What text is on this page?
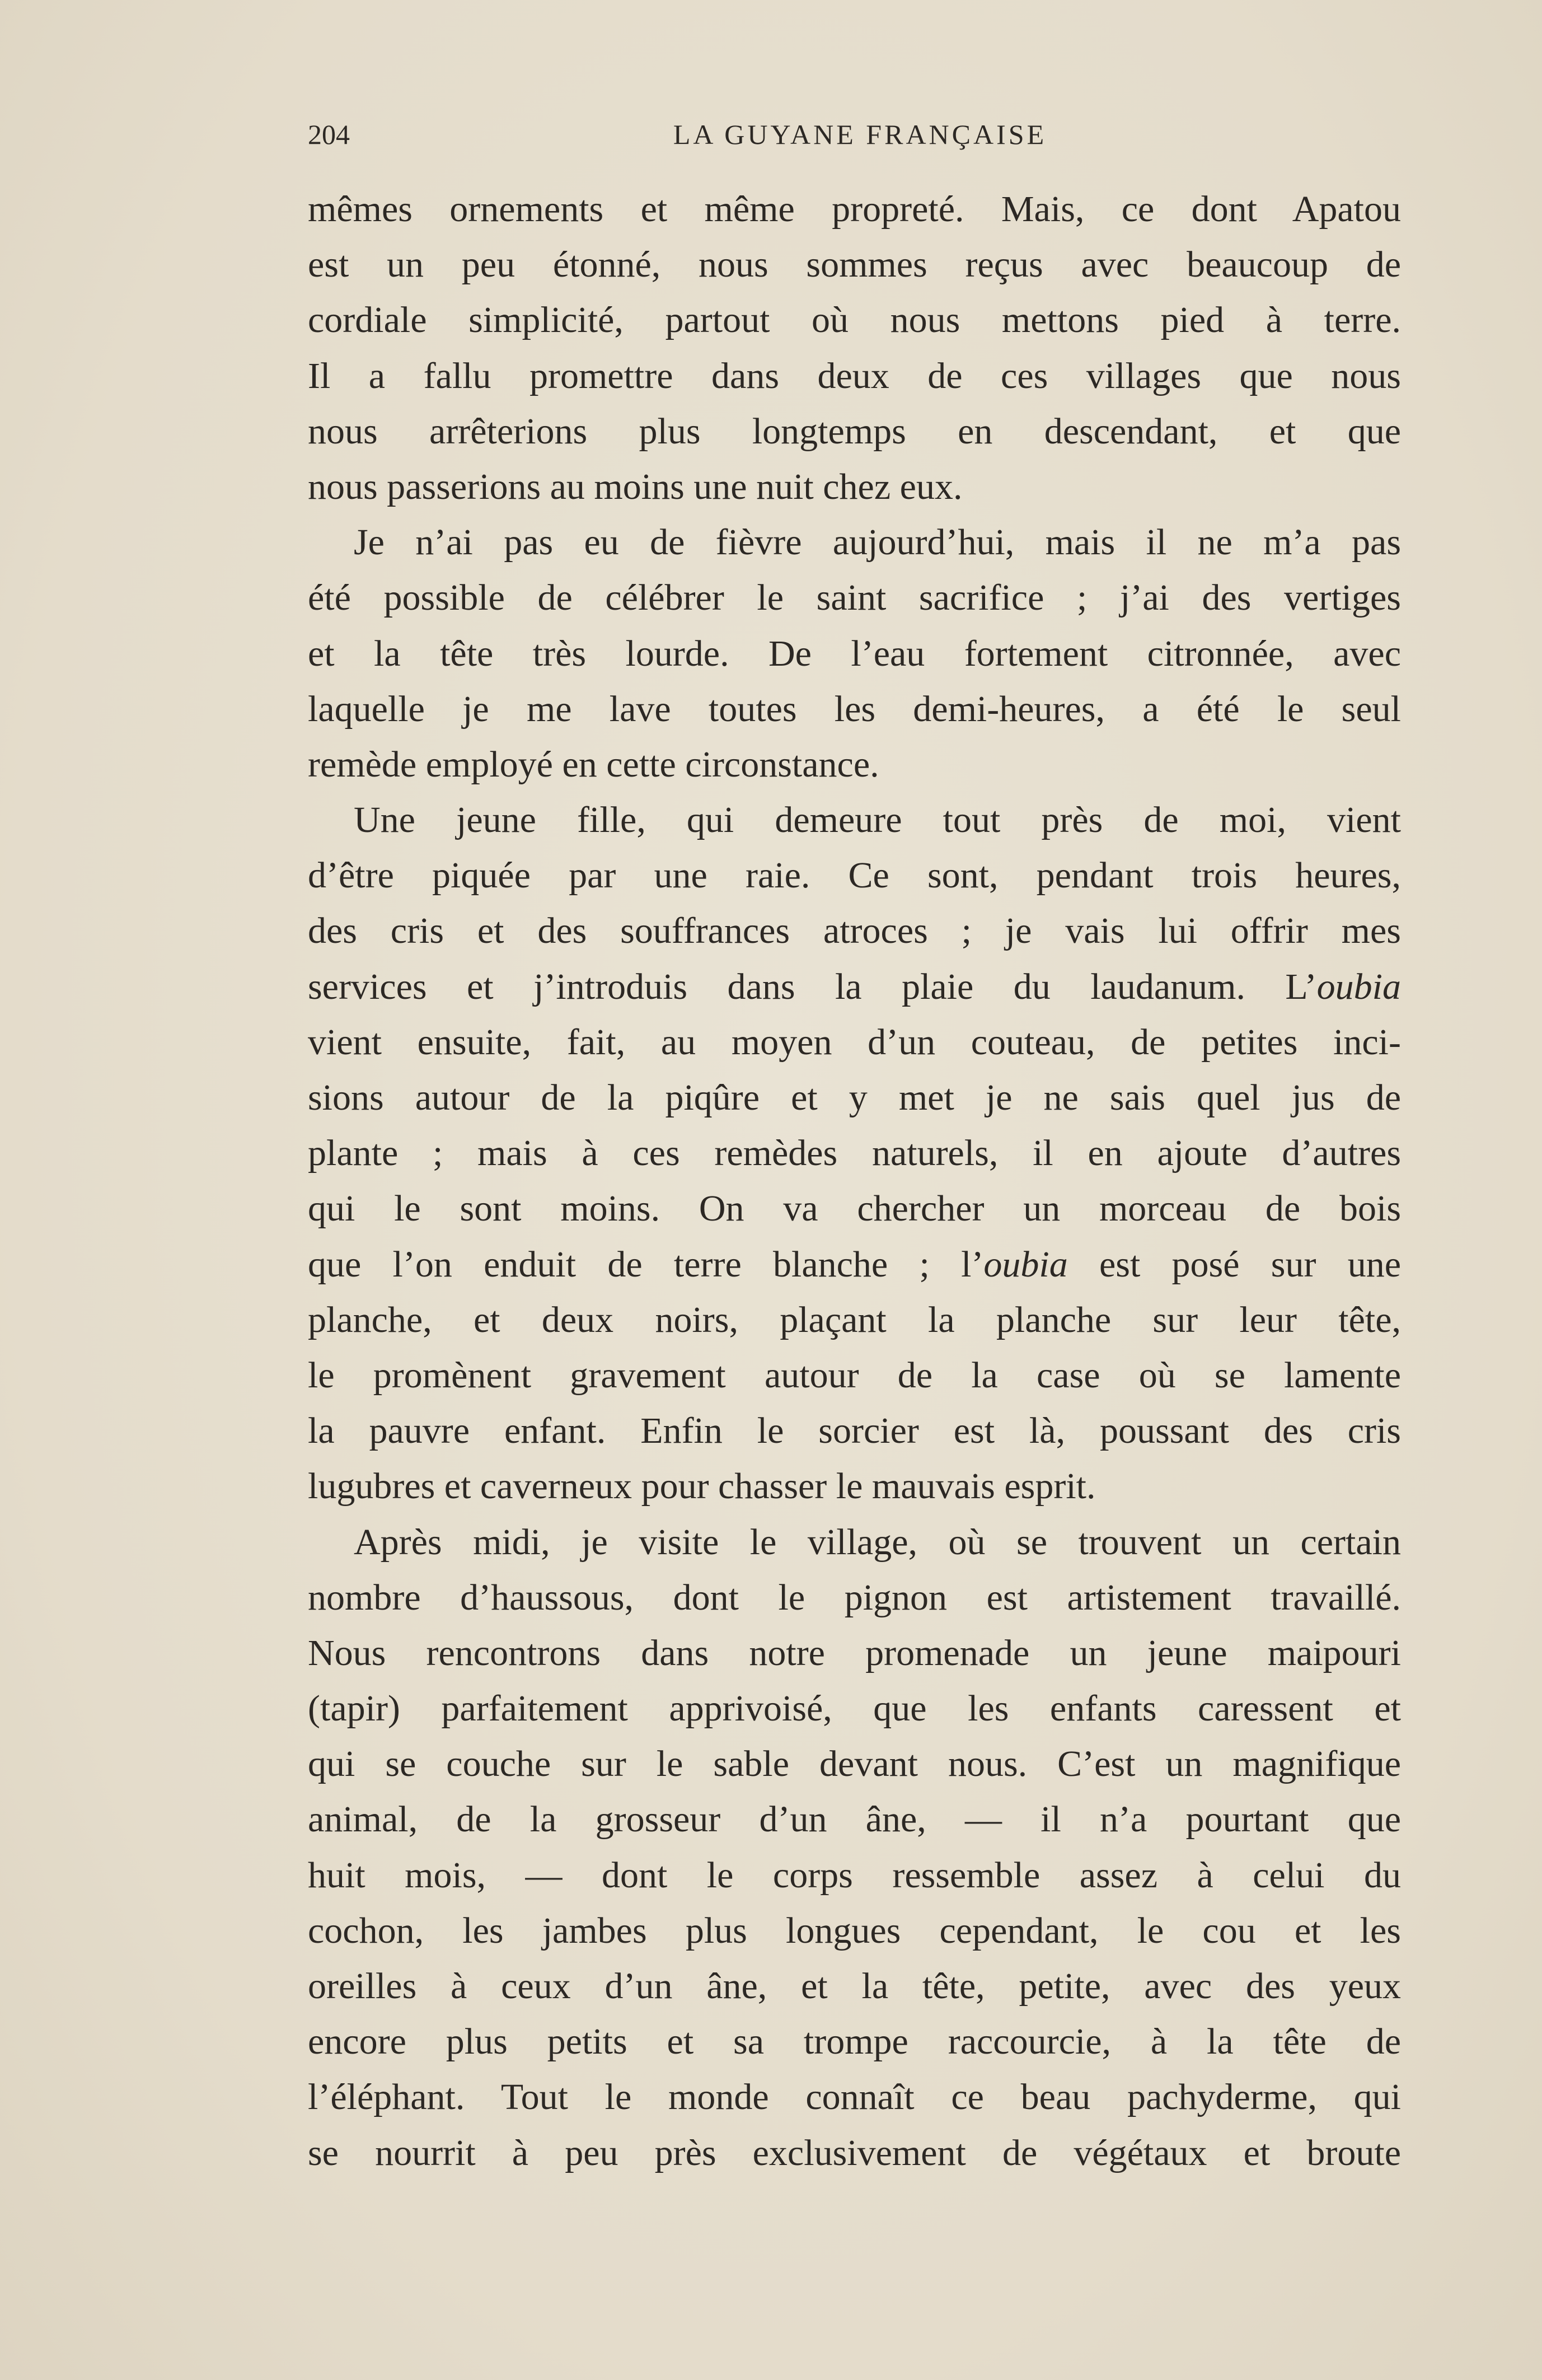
204	LA GUYANE FRANÇAISE
mêmes ornements et même propreté. Mais, ce dont Apatou
est un peu étonné, nous sommes reçus avec beaucoup de
cordiale simplicité, partout où nous mettons pied à terre.
Il a fallu promettre dans deux de ces villages que nous
nous arrêterions plus longtemps en descendant, et que
nous passerions au moins une nuit chez eux.
Je n’ai pas eu de fièvre aujourd’hui, mais il ne m’a pas
été possible de célébrer le saint sacrifice ; j’ai des vertiges
et la tête très lourde. De l’eau fortement citronnée, avec
laquelle je me lave toutes les demi-heures, a été le seul
remède employé en cette circonstance.
Une jeune fille, qui demeure tout près de moi, vient
d’être piquée par une raie. Ce sont, pendant trois heures,
des cris et des souffrances atroces ; je vais lui offrir mes
services et j’introduis dans la plaie du laudanum. L’oubia
vient ensuite, fait, au moyen d’un couteau, de petites inci-
sions autour de la piqûre et y met je ne sais quel jus de
plante ; mais à ces remèdes naturels, il en ajoute d’autres
qui le sont moins. On va chercher un morceau de bois
que l’on enduit de terre blanche ; l’oubia est posé sur une
planche, et deux noirs, plaçant la planche sur leur tête,
le promènent gravement autour de la case où se lamente
la pauvre enfant. Enfin le sorcier est là, poussant des cris
lugubres et caverneux pour chasser le mauvais esprit.
Après midi, je visite le village, où se trouvent un certain
nombre d’haussous, dont le pignon est artistement travaillé.
Nous rencontrons dans notre promenade un jeune maipouri
(tapir) parfaitement apprivoisé, que les enfants caressent et
qui se couche sur le sable devant nous. C’est un magnifique
animal, de la grosseur d’un âne, — il n’a pourtant que
huit mois, — dont le corps ressemble assez à celui du
cochon, les jambes plus longues cependant, le cou et les
oreilles à ceux d’un âne, et la tête, petite, avec des yeux
encore plus petits et sa trompe raccourcie, à la tête de
l’éléphant. Tout le monde connaît ce beau pachyderme, qui
se nourrit à peu près exclusivement de végétaux et broute
